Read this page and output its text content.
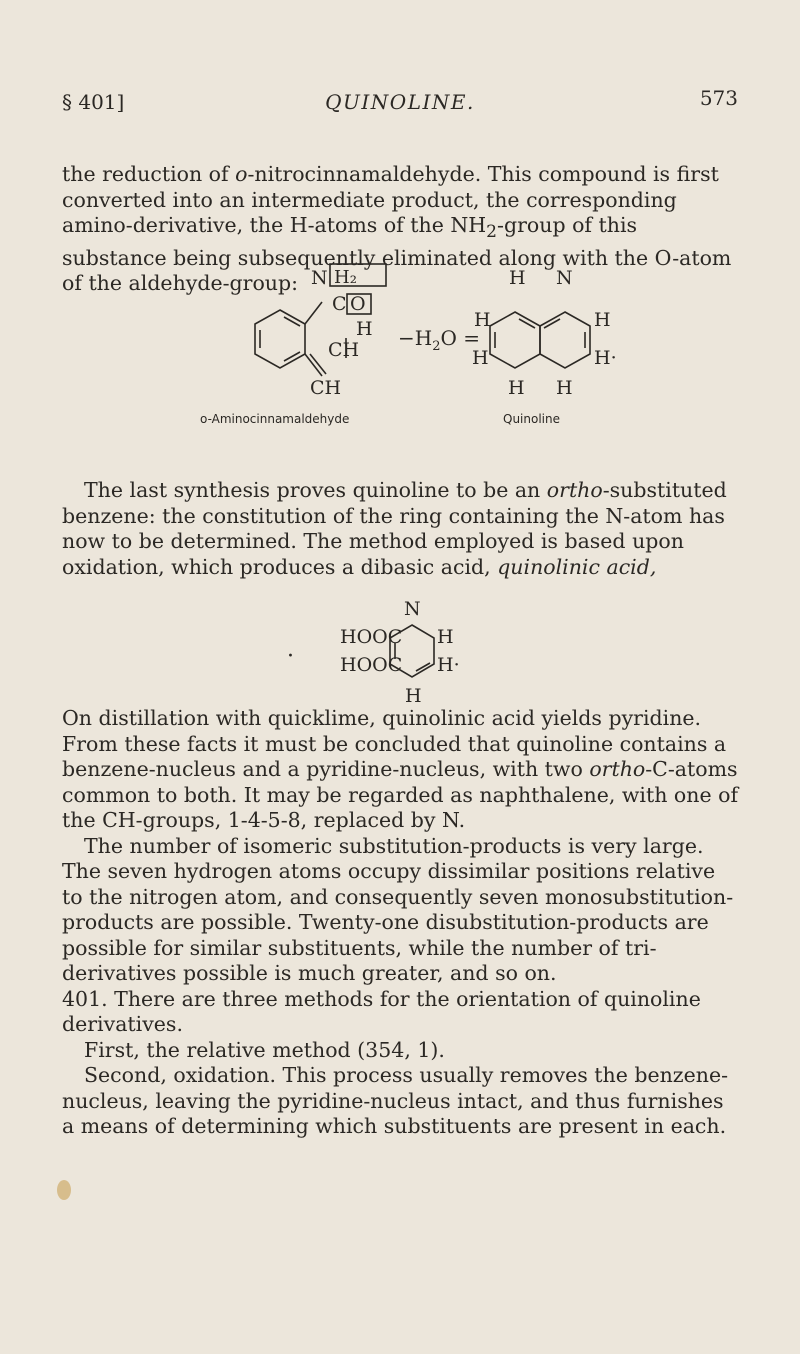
§ 401]	QUINOLINE.	573

the reduction of o-nitrocinnamaldehyde. This compound is first converted into an intermediate product, the corresponding amino-derivative, the H-atoms of the $NH_2$-group of this substance being subsequently eliminated along with the O-atom of the aldehyde-group: N H₂
C O
H
CH
CH
$-H_2O$ =
H N
H	H
H	H·
H H
o-Aminocinnamaldehyde	Quinoline

The last synthesis proves quinoline to be an ortho-substituted benzene: the constitution of the ring containing the N-atom has now to be determined. The method employed is based upon oxidation, which produces a dibasic acid, quinolinic acid,

N
HOOC
HOOC
H
H·
H
·

On distillation with quicklime, quinolinic acid yields pyridine. From these facts it must be concluded that quinoline contains a benzene-nucleus and a pyridine-nucleus, with two ortho-C-atoms common to both. It may be regarded as naphthalene, with one of the CH-groups, 1-4-5-8, replaced by N.

The number of isomeric substitution-products is very large. The seven hydrogen atoms occupy dissimilar positions relative to the nitrogen atom, and consequently seven monosubstitution-products are possible. Twenty-one disubstitution-products are possible for similar substituents, while the number of tri-derivatives possible is much greater, and so on.

401. There are three methods for the orientation of quinoline derivatives.

First, the relative method (354, 1).

Second, oxidation. This process usually removes the benzene-nucleus, leaving the pyridine-nucleus intact, and thus furnishes a means of determining which substituents are present in each.
